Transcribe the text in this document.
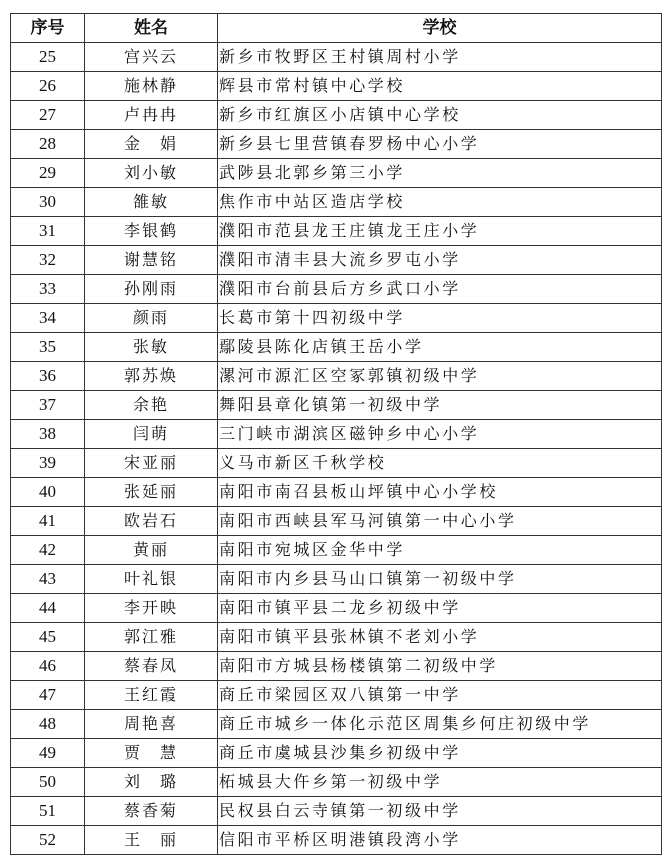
序号	姓名	学校
25	宫兴云	新乡市牧野区王村镇周村小学
26	施林静	辉县市常村镇中心学校
27	卢冉冉	新乡市红旗区小店镇中心学校
28	金　娟	新乡县七里营镇春罗杨中心小学
29	刘小敏	武陟县北郭乡第三小学
30	雒敏	焦作市中站区造店学校
31	李银鹤	濮阳市范县龙王庄镇龙王庄小学
32	谢慧铭	濮阳市清丰县大流乡罗屯小学
33	孙刚雨	濮阳市台前县后方乡武口小学
34	颜雨	长葛市第十四初级中学
35	张敏	鄢陵县陈化店镇王岳小学
36	郭苏焕	漯河市源汇区空冢郭镇初级中学
37	余艳	舞阳县章化镇第一初级中学
38	闫萌	三门峡市湖滨区磁钟乡中心小学
39	宋亚丽	义马市新区千秋学校
40	张延丽	南阳市南召县板山坪镇中心小学校
41	欧岩石	南阳市西峡县军马河镇第一中心小学
42	黄丽	南阳市宛城区金华中学
43	叶礼银	南阳市内乡县马山口镇第一初级中学
44	李开映	南阳市镇平县二龙乡初级中学
45	郭江雅	南阳市镇平县张林镇不老刘小学
46	蔡春凤	南阳市方城县杨楼镇第二初级中学
47	王红霞	商丘市梁园区双八镇第一中学
48	周艳喜	商丘市城乡一体化示范区周集乡何庄初级中学
49	贾　慧	商丘市虞城县沙集乡初级中学
50	刘　璐	柘城县大仵乡第一初级中学
51	蔡香菊	民权县白云寺镇第一初级中学
52	王　丽	信阳市平桥区明港镇段湾小学
